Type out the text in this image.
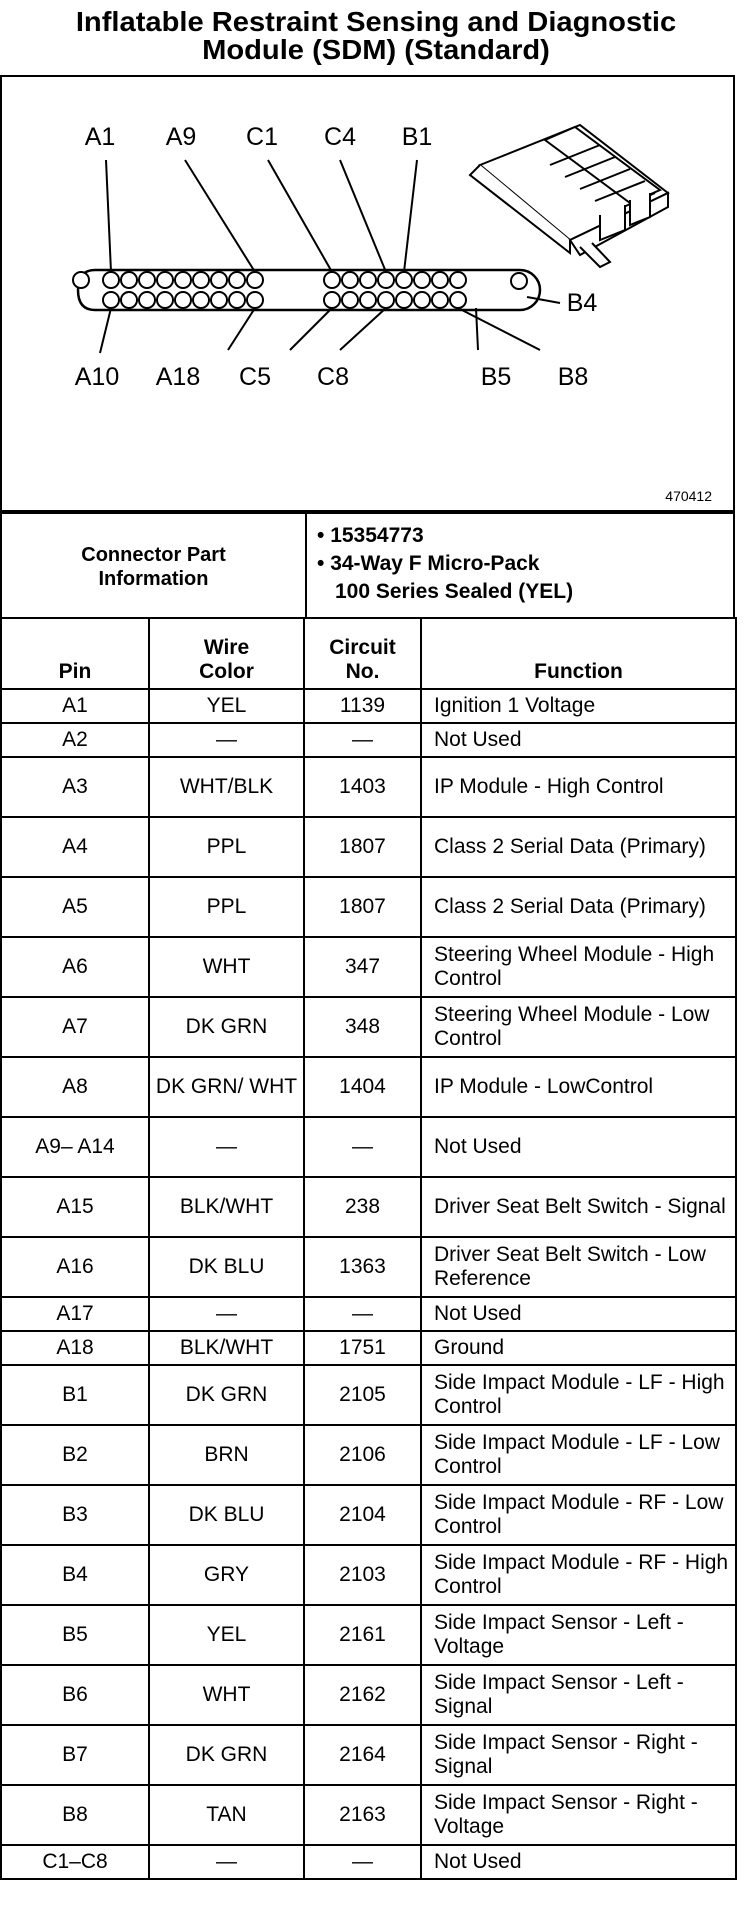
Inflatable Restraint Sensing and Diagnostic
Module (SDM) (Standard)
A1 A9 C1 C4 B1
B4
A10 A18 C5 C8	B5 B8
470412
Connector Part Information
• 15354773
• 34-Way F Micro-Pack
100 Series Sealed (YEL)
Pin	Wire Color	Circuit No.	Function
A1	YEL	1139	Ignition 1 Voltage
A2	—	—	Not Used
A3	WHT/BLK	1403	IP Module - High Control
A4	PPL	1807	Class 2 Serial Data (Primary)
A5	PPL	1807	Class 2 Serial Data (Primary)
A6	WHT	347	Steering Wheel Module - High Control
A7	DK GRN	348	Steering Wheel Module - Low Control
A8	DK GRN/ WHT	1404	IP Module - LowControl
A9– A14	—	—	Not Used
A15	BLK/WHT	238	Driver Seat Belt Switch - Signal
A16	DK BLU	1363	Driver Seat Belt Switch - Low Reference
A17	—	—	Not Used
A18	BLK/WHT	1751	Ground
B1	DK GRN	2105	Side Impact Module - LF - High Control
B2	BRN	2106	Side Impact Module - LF - Low Control
B3	DK BLU	2104	Side Impact Module - RF - Low Control
B4	GRY	2103	Side Impact Module - RF - High Control
B5	YEL	2161	Side Impact Sensor - Left - Voltage
B6	WHT	2162	Side Impact Sensor - Left - Signal
B7	DK GRN	2164	Side Impact Sensor - Right - Signal
B8	TAN	2163	Side Impact Sensor - Right - Voltage
C1–C8	—	—	Not Used
